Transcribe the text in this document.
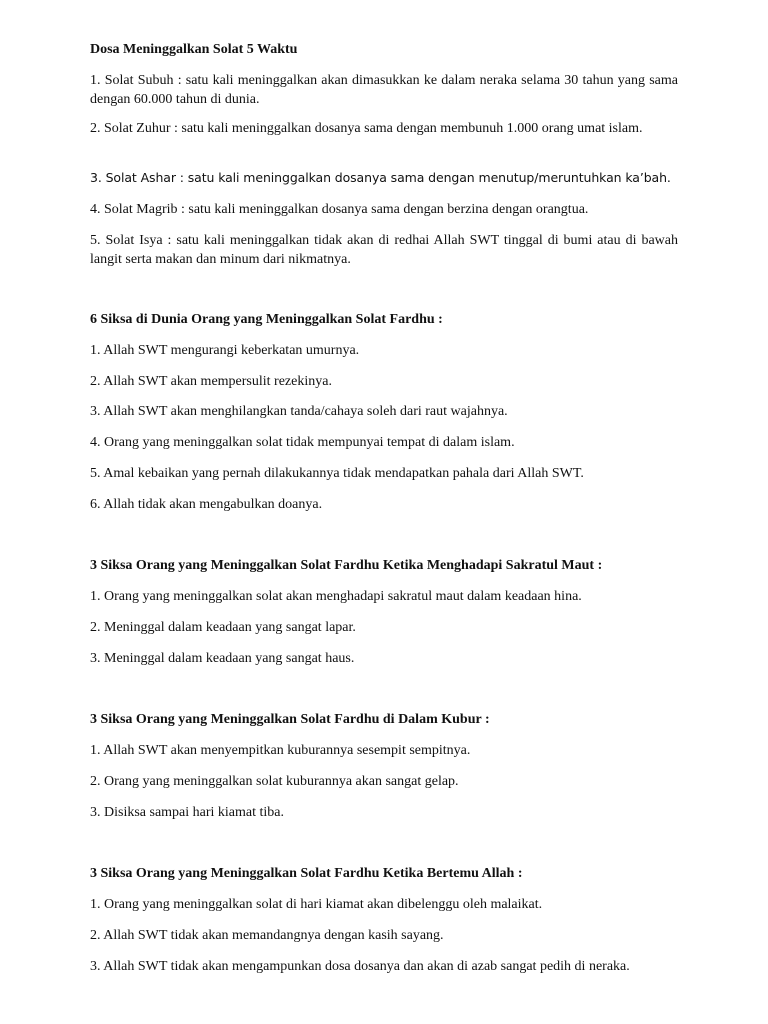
Dosa Meninggalkan Solat 5 Waktu
1. Solat Subuh : satu kali meninggalkan akan dimasukkan ke dalam neraka selama 30 tahun yang sama dengan 60.000 tahun di dunia.
2. Solat Zuhur : satu kali meninggalkan dosanya sama dengan membunuh 1.000 orang umat islam.
3. Solat Ashar : satu kali meninggalkan dosanya sama dengan menutup/meruntuhkan ka’bah.
4. Solat Magrib : satu kali meninggalkan dosanya sama dengan berzina dengan orangtua.
5. Solat Isya : satu kali meninggalkan tidak akan di redhai Allah SWT tinggal di bumi atau di bawah langit serta makan dan minum dari nikmatnya.
6 Siksa di Dunia Orang yang Meninggalkan Solat Fardhu :
1. Allah SWT mengurangi keberkatan umurnya.
2. Allah SWT akan mempersulit rezekinya.
3. Allah SWT akan menghilangkan tanda/cahaya soleh dari raut wajahnya.
4. Orang yang meninggalkan solat tidak mempunyai tempat di dalam islam.
5. Amal kebaikan yang pernah dilakukannya tidak mendapatkan pahala dari Allah SWT.
6. Allah tidak akan mengabulkan doanya.
3 Siksa Orang yang Meninggalkan Solat Fardhu Ketika Menghadapi Sakratul Maut :
1. Orang yang meninggalkan solat akan menghadapi sakratul maut dalam keadaan hina.
2. Meninggal dalam keadaan yang sangat lapar.
3. Meninggal dalam keadaan yang sangat haus.
3 Siksa Orang yang Meninggalkan Solat Fardhu di Dalam Kubur :
1. Allah SWT akan menyempitkan kuburannya sesempit sempitnya.
2. Orang yang meninggalkan solat kuburannya akan sangat gelap.
3. Disiksa sampai hari kiamat tiba.
3 Siksa Orang yang Meninggalkan Solat Fardhu Ketika Bertemu Allah :
1. Orang yang meninggalkan solat di hari kiamat akan dibelenggu oleh malaikat.
2. Allah SWT tidak akan memandangnya dengan kasih sayang.
3. Allah SWT tidak akan mengampunkan dosa dosanya dan akan di azab sangat pedih di neraka.
